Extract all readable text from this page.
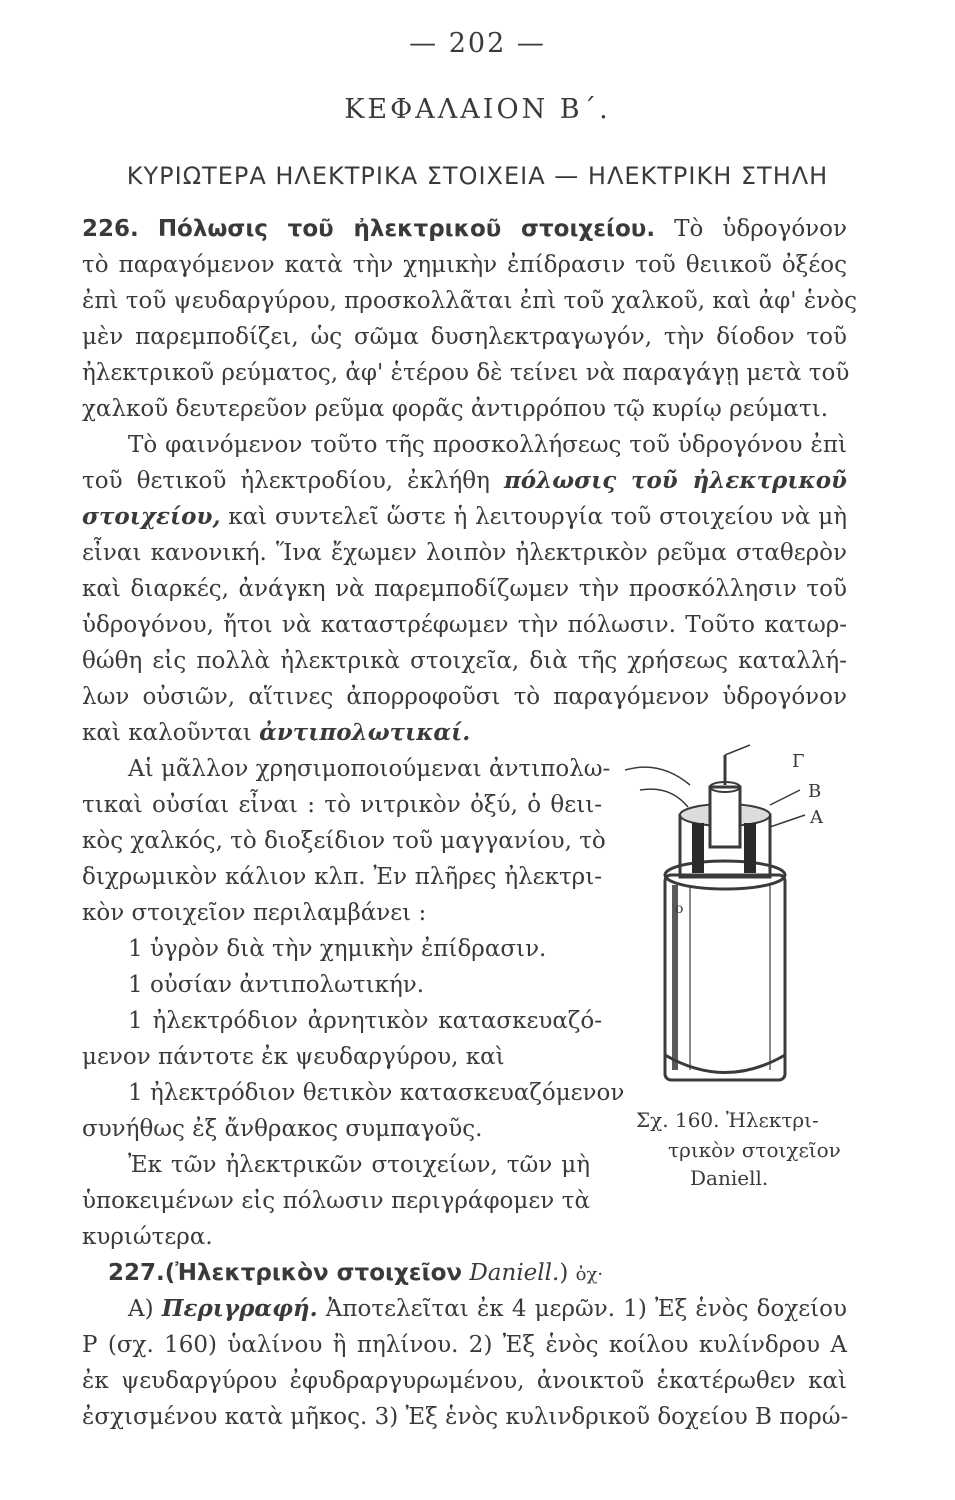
— 202 —
ΚΕΦΑΛΑΙΟΝ Β΄.
ΚΥΡΙΩΤΕΡΑ ΗΛΕΚΤΡΙΚΑ ΣΤΟΙΧΕΙΑ — ΗΛΕΚΤΡΙΚΗ ΣΤΗΛΗ
226. Πόλωσις τοῦ ἠλεκτρικοῦ στοιχείου. Τὸ ὑδρογόνον
τὸ παραγόμενον κατὰ τὴν χημικὴν ἐπίδρασιν τοῦ θειικοῦ ὀξέος
ἐπὶ τοῦ ψευδαργύρου, προσκολλᾶται ἐπὶ τοῦ χαλκοῦ, καὶ ἀφ' ἑνὸς
μὲν παρεμποδίζει, ὡς σῶμα δυσηλεκτραγωγόν, τὴν δίοδον τοῦ
ἠλεκτρικοῦ ρεύματος, ἀφ' ἑτέρου δὲ τείνει νὰ παραγάγῃ μετὰ τοῦ
χαλκοῦ δευτερεῦον ρεῦμα φορᾶς ἀντιρρόπου τῷ κυρίῳ ρεύματι.
Τὸ φαινόμενον τοῦτο τῆς προσκολλήσεως τοῦ ὑδρογόνου ἐπὶ
τοῦ θετικοῦ ἠλεκτροδίου, ἐκλήθη πόλωσις τοῦ ἠλεκτρικοῦ
στοιχείου, καὶ συντελεῖ ὥστε ἡ λειτουργία τοῦ στοιχείου νὰ μὴ
εἶναι κανονική. Ἵνα ἔχωμεν λοιπὸν ἠλεκτρικὸν ρεῦμα σταθερὸν
καὶ διαρκές, ἀνάγκη νὰ παρεμποδίζωμεν τὴν προσκόλλησιν τοῦ
ὑδρογόνου, ἤτοι νὰ καταστρέφωμεν τὴν πόλωσιν. Τοῦτο κατωρ-
θώθη εἰς πολλὰ ἠλεκτρικὰ στοιχεῖα, διὰ τῆς χρήσεως καταλλή-
λων οὐσιῶν, αἵτινες ἀπορροφοῦσι τὸ παραγόμενον ὑδρογόνον
καὶ καλοῦνται ἀντιπολωτικαί.
Αἱ μᾶλλον χρησιμοποιούμεναι ἀντιπολω-
τικαὶ οὐσίαι εἶναι : τὸ νιτρικὸν ὀξύ, ὁ θειι-
κὸς χαλκός, τὸ διοξείδιον τοῦ μαγγανίου, τὸ
διχρωμικὸν κάλιον κλπ. Ἐν πλῆρες ἠλεκτρι-
κὸν στοιχεῖον περιλαμβάνει :
1 ὑγρὸν διὰ τὴν χημικὴν ἐπίδρασιν.
1 οὐσίαν ἀντιπολωτικήν.
1 ἠλεκτρόδιον ἀρνητικὸν κατασκευαζό-
μενον πάντοτε ἐκ ψευδαργύρου, καὶ
1 ἠλεκτρόδιον θετικὸν κατασκευαζόμενον
συνήθως ἐξ ἄνθρακος συμπαγοῦς.
Ἐκ τῶν ἠλεκτρικῶν στοιχείων, τῶν μὴ
ὑποκειμένων εἰς πόλωσιν περιγράφομεν τὰ
κυριώτερα.
Γ
Β
Α
ο
Σχ. 160. Ἠλεκτρι-
τρικὸν στοιχεῖον
Daniell.
227.(Ἠλεκτρικὸν στοιχεῖον Daniell.) ὀχ·
Α) Περιγραφή. Ἀποτελεῖται ἐκ 4 μερῶν. 1) Ἐξ ἑνὸς δοχείου
Ρ (σχ. 160) ὑαλίνου ἢ πηλίνου. 2) Ἐξ ἑνὸς κοίλου κυλίνδρου Α
ἐκ ψευδαργύρου ἐφυδραργυρωμένου, ἀνοικτοῦ ἑκατέρωθεν καὶ
ἐσχισμένου κατὰ μῆκος. 3) Ἐξ ἑνὸς κυλινδρικοῦ δοχείου Β πορώ-
